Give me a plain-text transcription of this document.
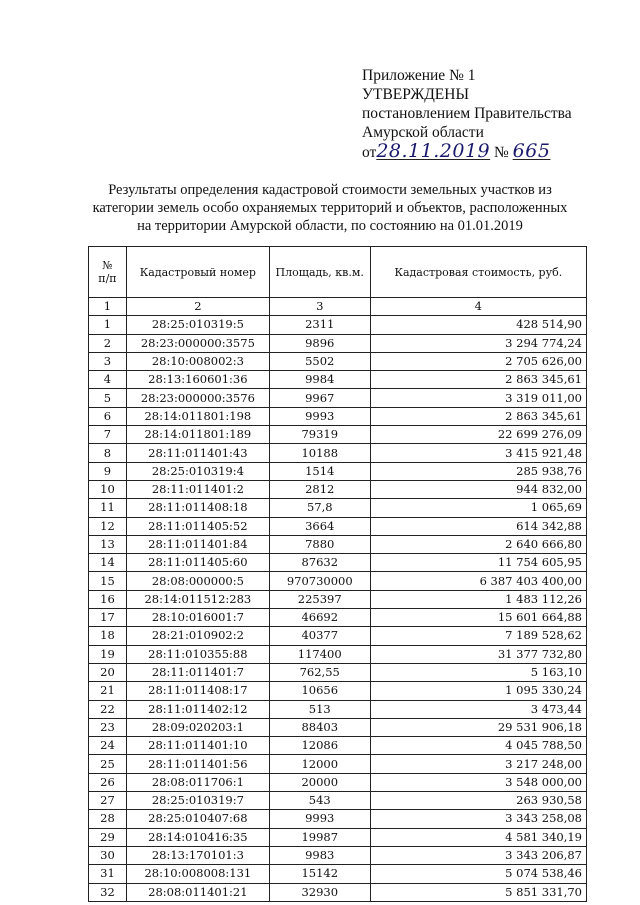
Приложение № 1
УТВЕРЖДЕНЫ
постановлением Правительства
Амурской области
от28.11.2019 № 665
Результаты определения кадастровой стоимости земельных участков из
категории земель особо охраняемых территорий и объектов, расположенных
на территории Амурской области, по состоянию на 01.01.2019
№
п/п	Кадастровый номер	Площадь, кв.м.	Кадастровая стоимость, руб.
1	2	3	4
1	28:25:010319:5	2311	428 514,90
2	28:23:000000:3575	9896	3 294 774,24
3	28:10:008002:3	5502	2 705 626,00
4	28:13:160601:36	9984	2 863 345,61
5	28:23:000000:3576	9967	3 319 011,00
6	28:14:011801:198	9993	2 863 345,61
7	28:14:011801:189	79319	22 699 276,09
8	28:11:011401:43	10188	3 415 921,48
9	28:25:010319:4	1514	285 938,76
10	28:11:011401:2	2812	944 832,00
11	28:11:011408:18	57,8	1 065,69
12	28:11:011405:52	3664	614 342,88
13	28:11:011401:84	7880	2 640 666,80
14	28:11:011405:60	87632	11 754 605,95
15	28:08:000000:5	970730000	6 387 403 400,00
16	28:14:011512:283	225397	1 483 112,26
17	28:10:016001:7	46692	15 601 664,88
18	28:21:010902:2	40377	7 189 528,62
19	28:11:010355:88	117400	31 377 732,80
20	28:11:011401:7	762,55	5 163,10
21	28:11:011408:17	10656	1 095 330,24
22	28:11:011402:12	513	3 473,44
23	28:09:020203:1	88403	29 531 906,18
24	28:11:011401:10	12086	4 045 788,50
25	28:11:011401:56	12000	3 217 248,00
26	28:08:011706:1	20000	3 548 000,00
27	28:25:010319:7	543	263 930,58
28	28:25:010407:68	9993	3 343 258,08
29	28:14:010416:35	19987	4 581 340,19
30	28:13:170101:3	9983	3 343 206,87
31	28:10:008008:131	15142	5 074 538,46
32	28:08:011401:21	32930	5 851 331,70
